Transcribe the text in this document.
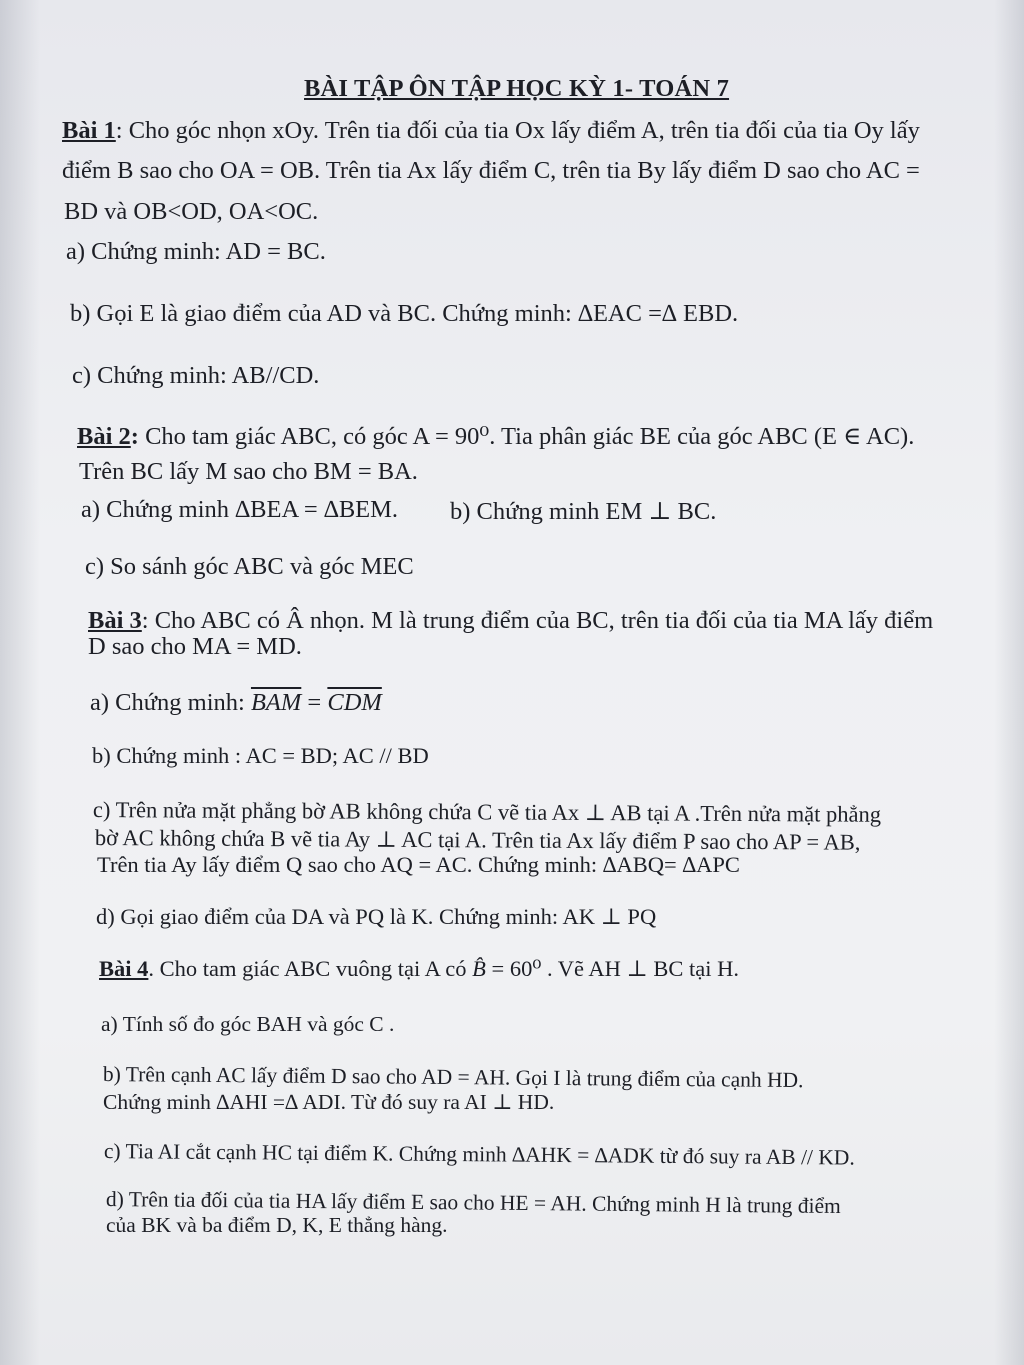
BÀI TẬP ÔN TẬP HỌC KỲ 1- TOÁN 7
Bài 1: Cho góc nhọn xOy. Trên tia đối của tia Ox lấy điểm A, trên tia đối của tia Oy lấy
điểm B sao cho OA = OB. Trên tia Ax lấy điểm C, trên tia By lấy điểm D sao cho AC =
BD và OB<OD, OA<OC.
a) Chứng minh: AD = BC.
b) Gọi E là giao điểm của AD và BC. Chứng minh: ∆EAC =∆ EBD.
c) Chứng minh: AB//CD.
Bài 2: Cho tam giác ABC, có góc A = 90⁰. Tia phân giác BE của góc ABC (E ∈ AC).
Trên BC lấy M sao cho BM = BA.
a) Chứng minh ∆BEA = ∆BEM. b) Chứng minh EM ⊥ BC.
c) So sánh góc ABC và góc MEC
Bài 3: Cho ABC có Â nhọn. M là trung điểm của BC, trên tia đối của tia MA lấy điểm
D sao cho MA = MD.
a) Chứng minh: $\overline{BAM} = \overline{CDM}$
b) Chứng minh : AC = BD; AC // BD
c) Trên nửa mặt phẳng bờ AB không chứa C vẽ tia Ax ⊥ AB tại A .Trên nửa mặt phẳng
bờ AC không chứa B vẽ tia Ay ⊥ AC tại A. Trên tia Ax lấy điểm P sao cho AP = AB,
Trên tia Ay lấy điểm Q sao cho AQ = AC. Chứng minh: ∆ABQ= ∆APC
d) Gọi giao điểm của DA và PQ là K. Chứng minh: AK ⊥ PQ
Bài 4. Cho tam giác ABC vuông tại A có B̂ = 60⁰ . Vẽ AH ⊥ BC tại H.
a) Tính số đo góc BAH và góc C .
b) Trên cạnh AC lấy điểm D sao cho AD = AH. Gọi I là trung điểm của cạnh HD.
Chứng minh ∆AHI =∆ ADI. Từ đó suy ra AI ⊥ HD.
c) Tia AI cắt cạnh HC tại điểm K. Chứng minh ∆AHK = ∆ADK từ đó suy ra AB // KD.
d) Trên tia đối của tia HA lấy điểm E sao cho HE = AH. Chứng minh H là trung điểm
của BK và ba điểm D, K, E thẳng hàng.
